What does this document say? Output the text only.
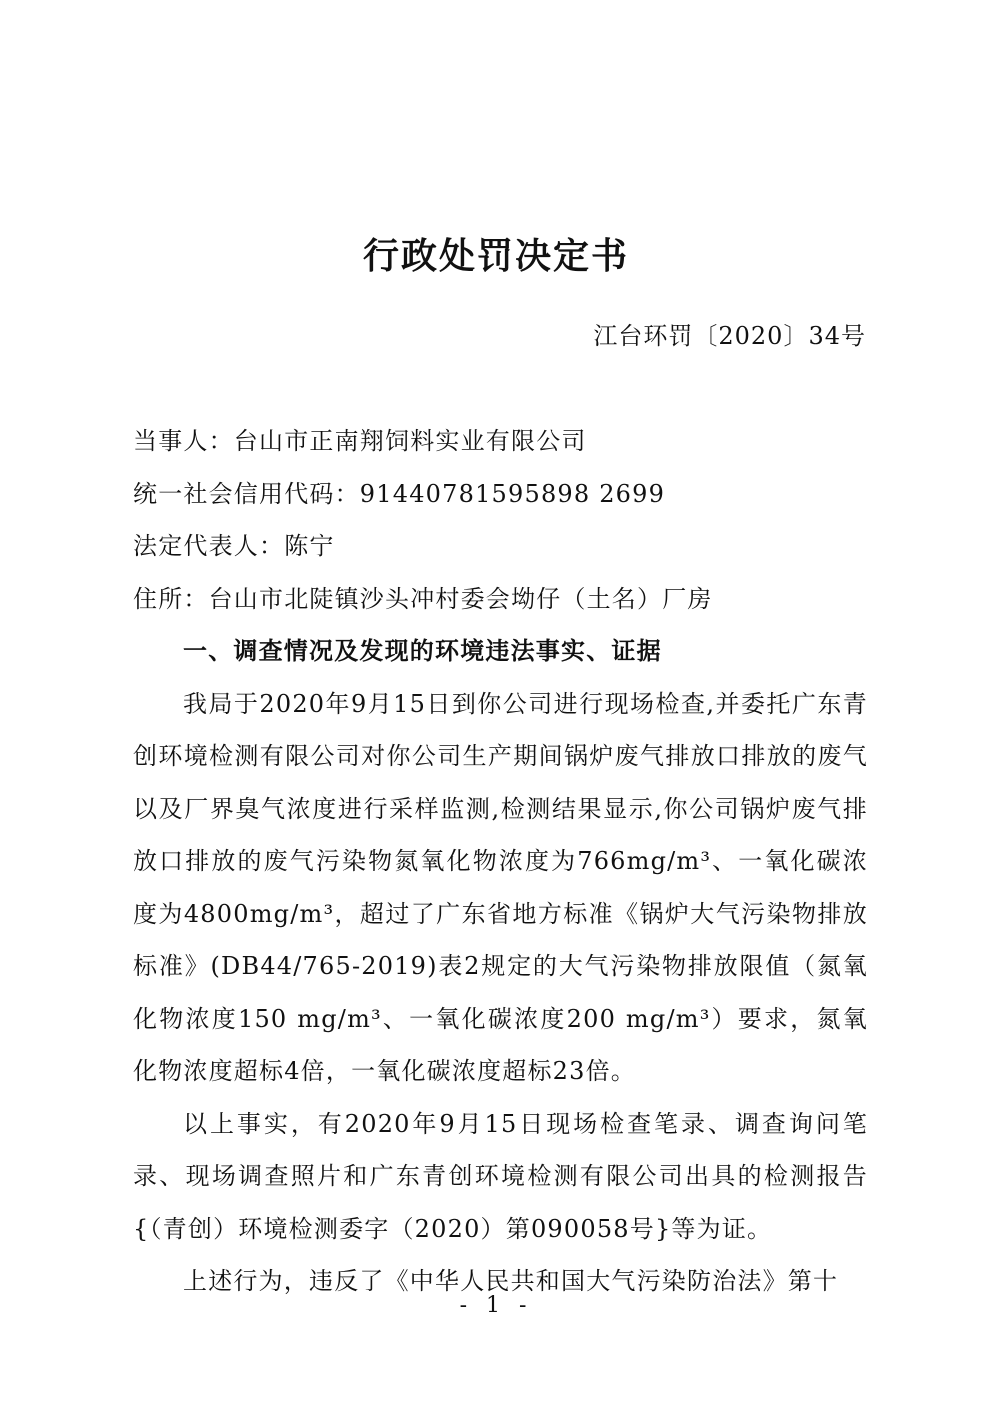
行政处罚决定书
江台环罚〔2020〕34号
当事人：台山市正南翔饲料实业有限公司
统一社会信用代码：91440781595898 2699
法定代表人：陈宁
住所：台山市北陡镇沙头冲村委会坳仔（土名）厂房
一、调查情况及发现的环境违法事实、证据
我局于2020年9月15日到你公司进行现场检查,并委托广东青创环境检测有限公司对你公司生产期间锅炉废气排放口排放的废气以及厂界臭气浓度进行采样监测,检测结果显示,你公司锅炉废气排放口排放的废气污染物氮氧化物浓度为766mg/m³、一氧化碳浓度为4800mg/m³，超过了广东省地方标准《锅炉大气污染物排放标准》(DB44/765-2019)表2规定的大气污染物排放限值（氮氧化物浓度150 mg/m³、一氧化碳浓度200 mg/m³）要求，氮氧化物浓度超标4倍，一氧化碳浓度超标23倍。
以上事实，有2020年9月15日现场检查笔录、调查询问笔录、现场调查照片和广东青创环境检测有限公司出具的检测报告{（青创）环境检测委字（2020）第090058号}等为证。
上述行为，违反了《中华人民共和国大气污染防治法》第十
- 1 -
